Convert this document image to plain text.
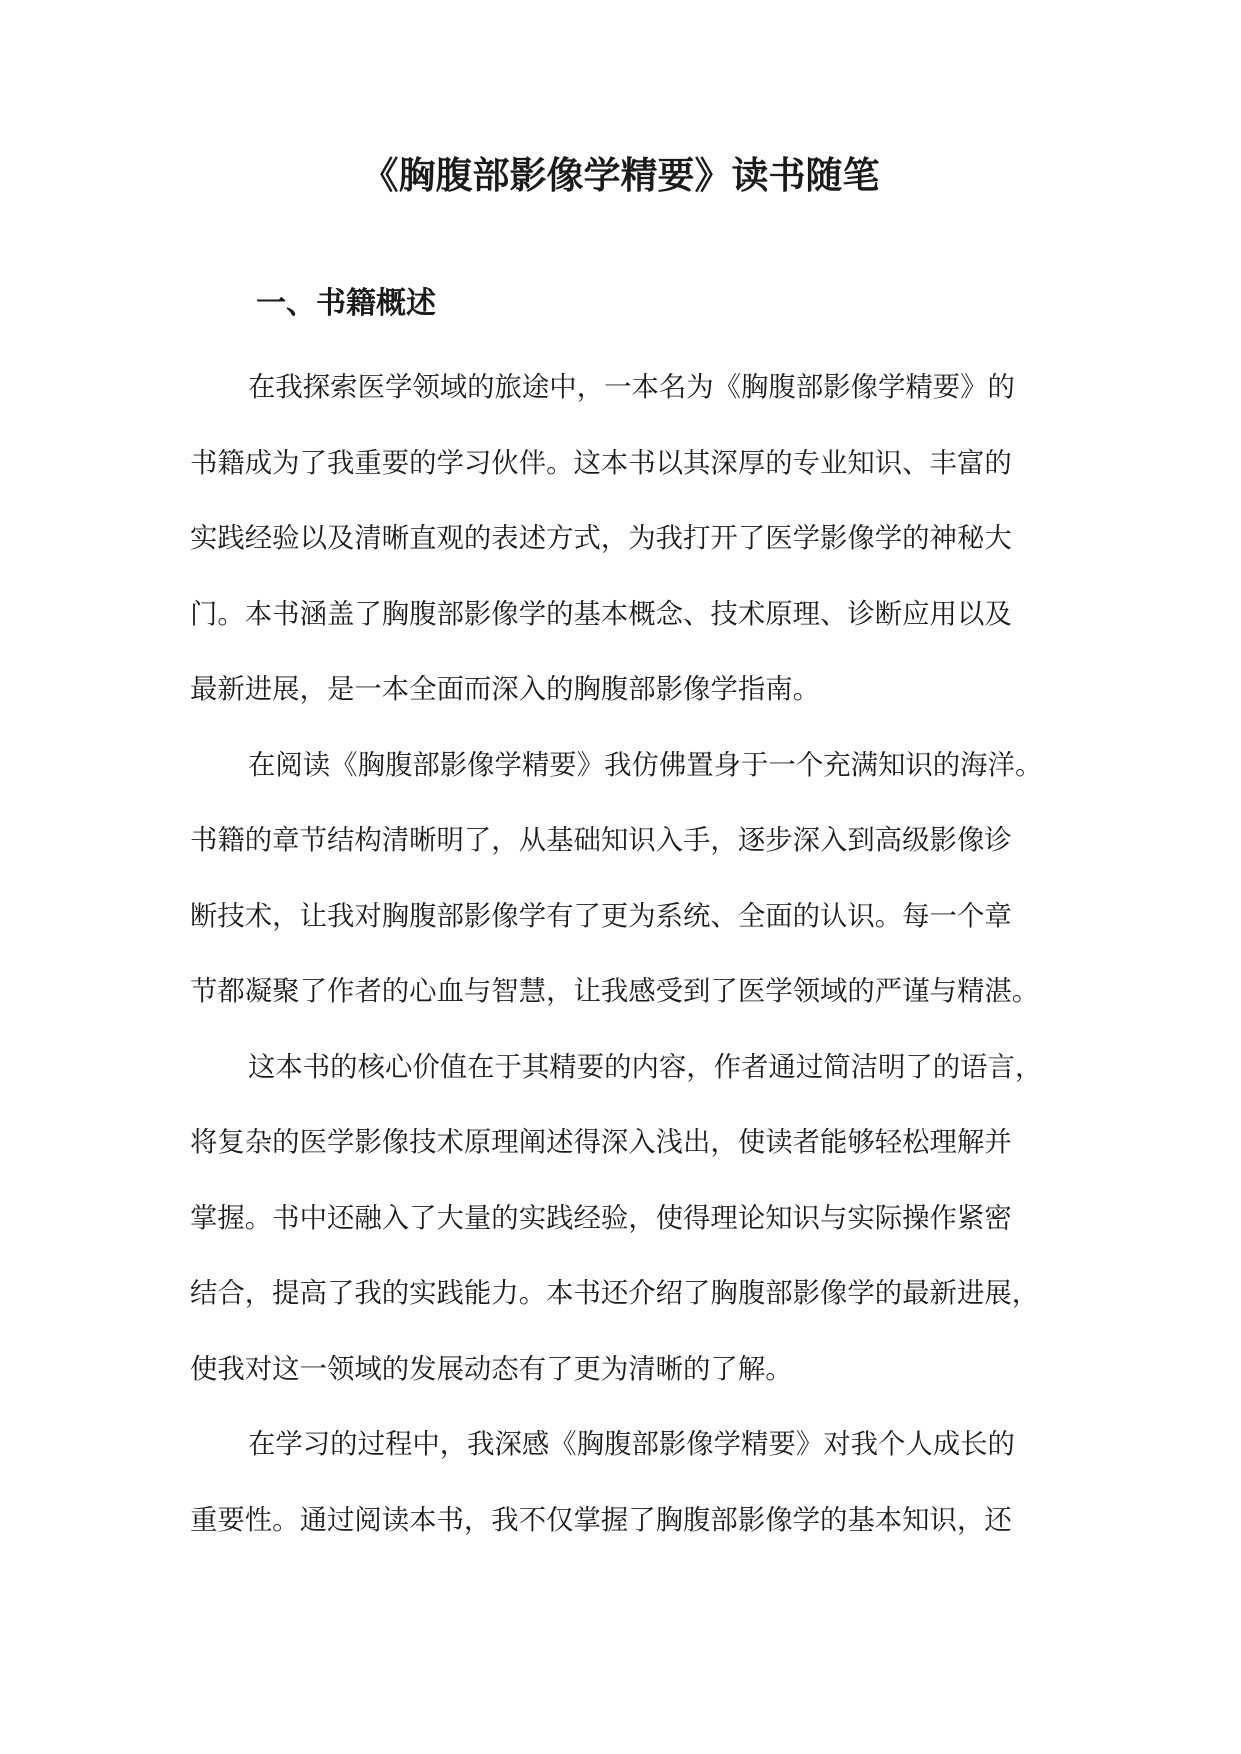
《胸腹部影像学精要》读书随笔
一、书籍概述

在我探索医学领域的旅途中，一本名为《胸腹部影像学精要》的
书籍成为了我重要的学习伙伴。这本书以其深厚的专业知识、丰富的
实践经验以及清晰直观的表述方式，为我打开了医学影像学的神秘大
门。本书涵盖了胸腹部影像学的基本概念、技术原理、诊断应用以及
最新进展，是一本全面而深入的胸腹部影像学指南。

在阅读《胸腹部影像学精要》我仿佛置身于一个充满知识的海洋。
书籍的章节结构清晰明了，从基础知识入手，逐步深入到高级影像诊
断技术，让我对胸腹部影像学有了更为系统、全面的认识。每一个章
节都凝聚了作者的心血与智慧，让我感受到了医学领域的严谨与精湛。

这本书的核心价值在于其精要的内容，作者通过简洁明了的语言，
将复杂的医学影像技术原理阐述得深入浅出，使读者能够轻松理解并
掌握。书中还融入了大量的实践经验，使得理论知识与实际操作紧密
结合，提高了我的实践能力。本书还介绍了胸腹部影像学的最新进展，
使我对这一领域的发展动态有了更为清晰的了解。

在学习的过程中，我深感《胸腹部影像学精要》对我个人成长的
重要性。通过阅读本书，我不仅掌握了胸腹部影像学的基本知识，还
